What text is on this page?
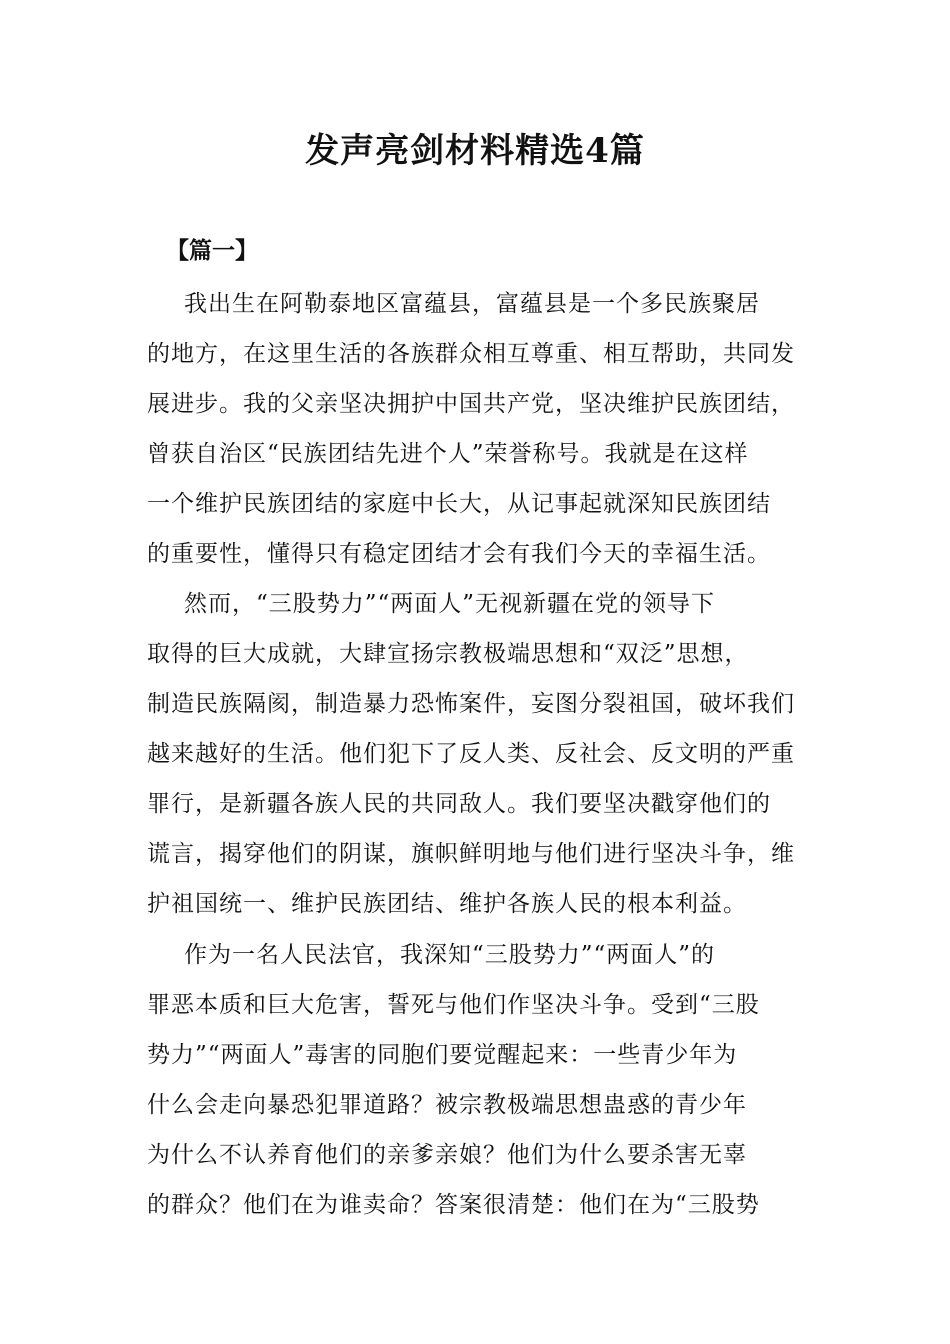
发声亮剑材料精选4篇
【篇一】
我出生在阿勒泰地区富蕴县，富蕴县是一个多民族聚居
的地方，在这里生活的各族群众相互尊重、相互帮助，共同发
展进步。我的父亲坚决拥护中国共产党，坚决维护民族团结，
曾获自治区“民族团结先进个人”荣誉称号。我就是在这样
一个维护民族团结的家庭中长大，从记事起就深知民族团结
的重要性，懂得只有稳定团结才会有我们今天的幸福生活。
然而，“三股势力”“两面人”无视新疆在党的领导下
取得的巨大成就，大肆宣扬宗教极端思想和“双泛”思想，
制造民族隔阂，制造暴力恐怖案件，妄图分裂祖国，破坏我们
越来越好的生活。他们犯下了反人类、反社会、反文明的严重
罪行，是新疆各族人民的共同敌人。我们要坚决戳穿他们的
谎言，揭穿他们的阴谋，旗帜鲜明地与他们进行坚决斗争，维
护祖国统一、维护民族团结、维护各族人民的根本利益。
作为一名人民法官，我深知“三股势力”“两面人”的
罪恶本质和巨大危害，誓死与他们作坚决斗争。受到“三股
势力”“两面人”毒害的同胞们要觉醒起来：一些青少年为
什么会走向暴恐犯罪道路？被宗教极端思想蛊惑的青少年
为什么不认养育他们的亲爹亲娘？他们为什么要杀害无辜
的群众？他们在为谁卖命？答案很清楚：他们在为“三股势
